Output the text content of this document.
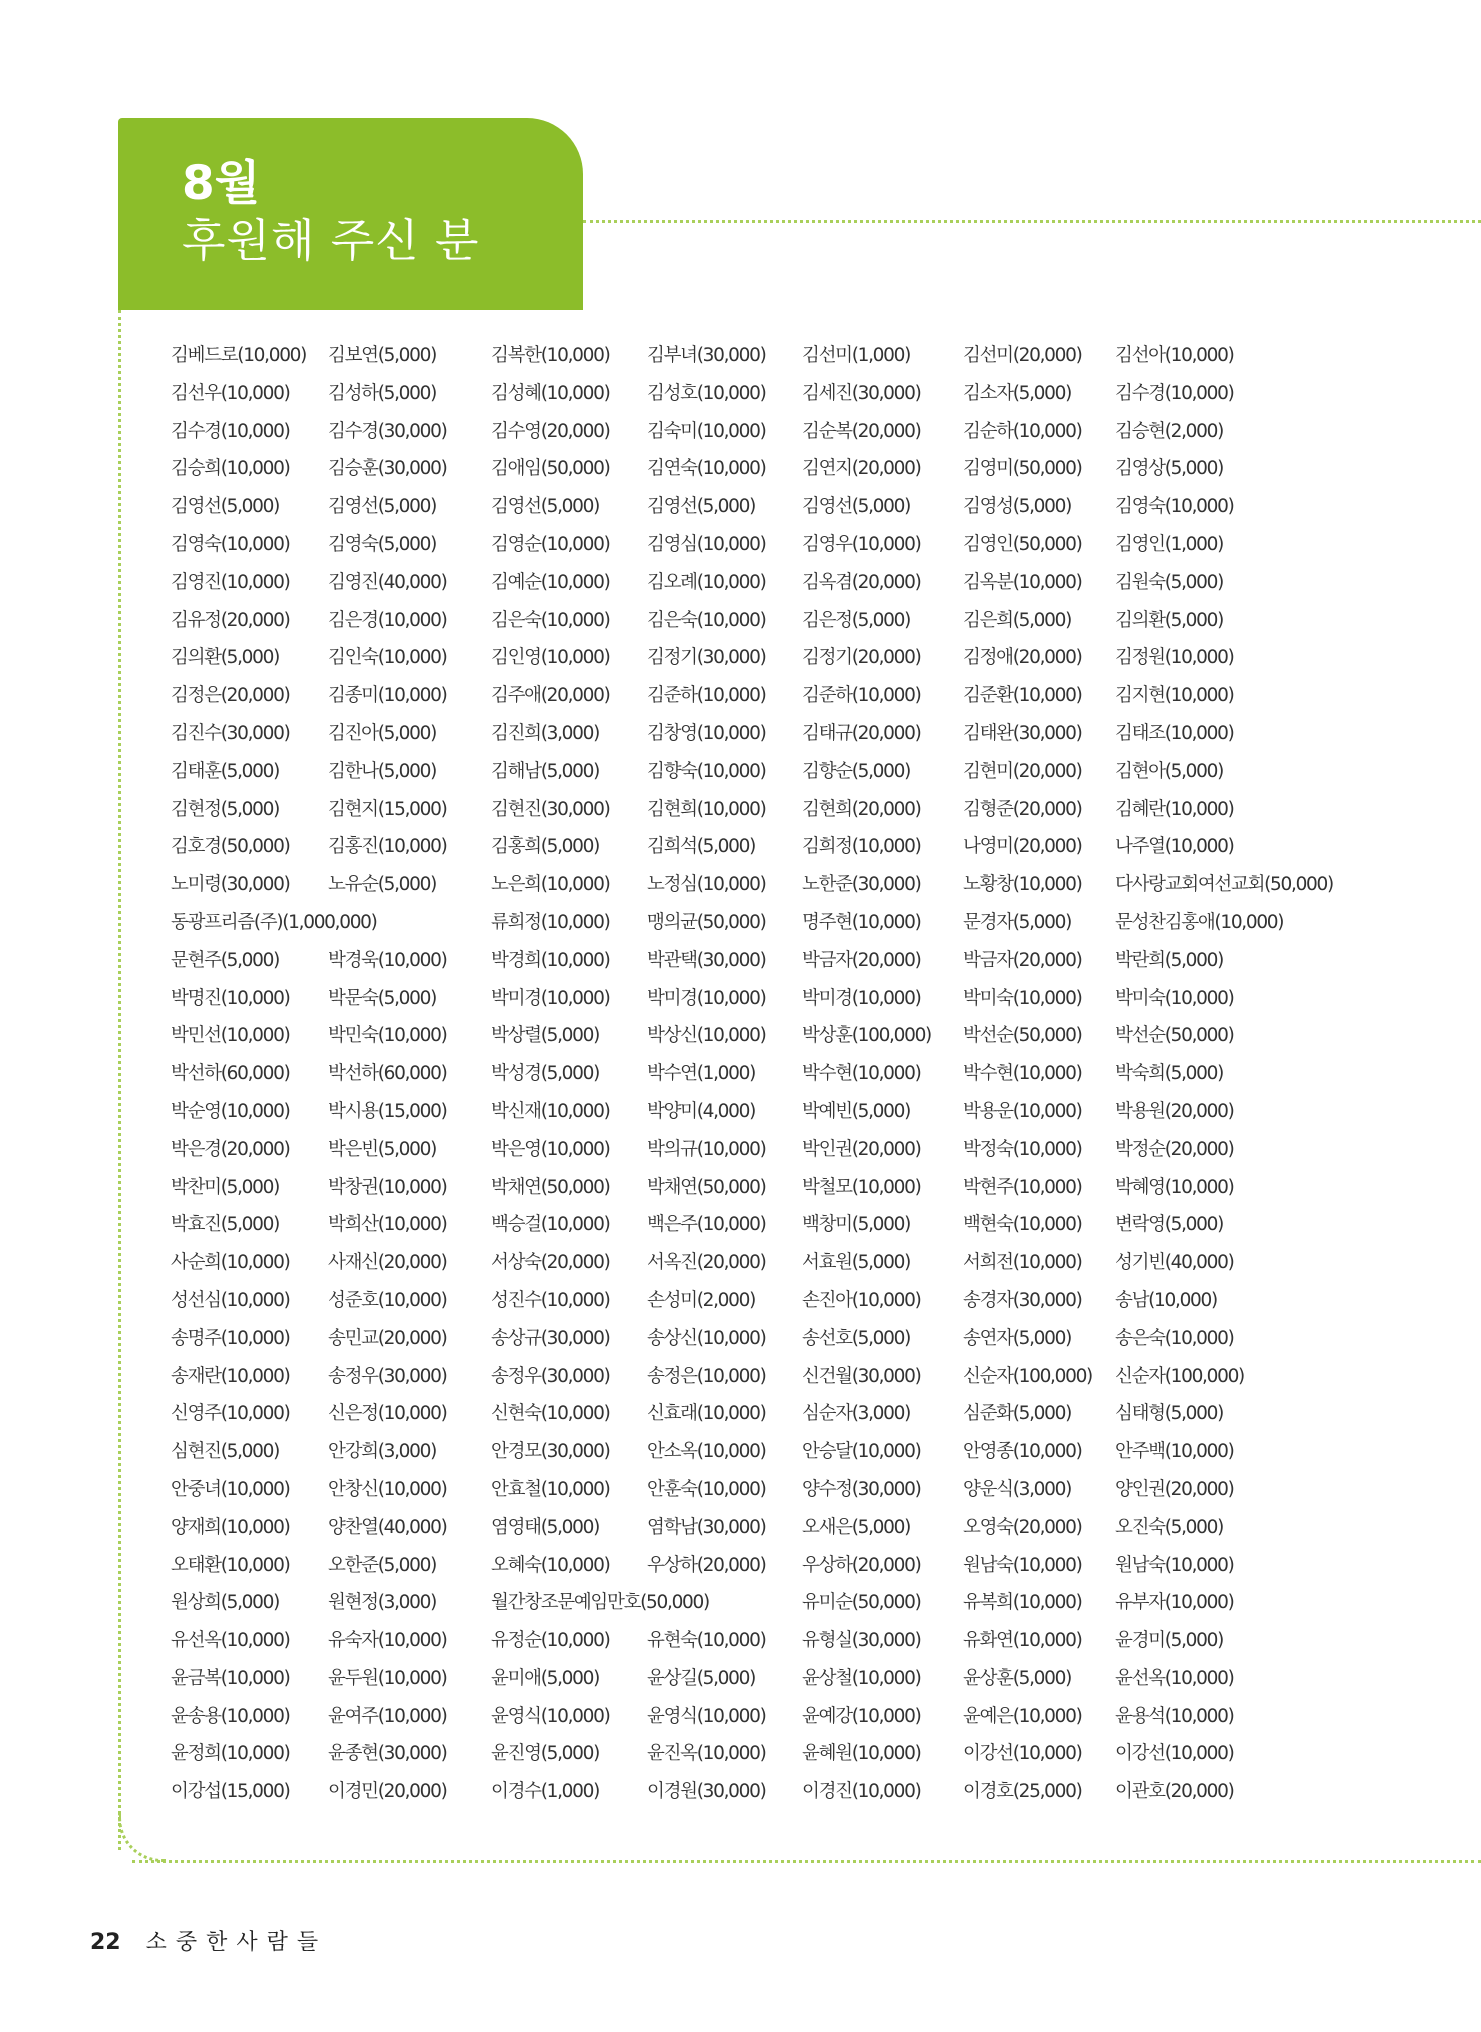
8월
후원해 주신 분
김베드로(10,000) 김보연(5,000)	김복한(10,000) 김부녀(30,000) 김선미(1,000)	김선미(20,000) 김선아(10,000)
김선우(10,000) 김성하(5,000)	김성혜(10,000) 김성호(10,000) 김세진(30,000) 김소자(5,000) 김수경(10,000)
김수경(10,000) 김수경(30,000) 김수영(20,000) 김숙미(10,000) 김순복(20,000) 김순하(10,000) 김승현(2,000)
김승희(10,000) 김승훈(30,000) 김애임(50,000) 김연숙(10,000) 김연지(20,000) 김영미(50,000) 김영상(5,000)
김영선(5,000)	김영선(5,000)	김영선(5,000)	김영선(5,000)	김영선(5,000)	김영성(5,000) 김영숙(10,000)
김영숙(10,000) 김영숙(5,000)	김영순(10,000) 김영심(10,000) 김영우(10,000) 김영인(50,000) 김영인(1,000)
김영진(10,000) 김영진(40,000) 김예순(10,000) 김오례(10,000) 김옥겸(20,000) 김옥분(10,000) 김원숙(5,000)
김유정(20,000) 김은경(10,000) 김은숙(10,000) 김은숙(10,000) 김은정(5,000)	김은희(5,000) 김의환(5,000)
김의환(5,000)	김인숙(10,000) 김인영(10,000) 김정기(30,000) 김정기(20,000) 김정애(20,000) 김정원(10,000)
김정은(20,000) 김종미(10,000) 김주애(20,000) 김준하(10,000) 김준하(10,000) 김준환(10,000) 김지현(10,000)
김진수(30,000) 김진아(5,000)	김진희(3,000)	김창영(10,000) 김태규(20,000) 김태완(30,000) 김태조(10,000)
김태훈(5,000)	김한나(5,000)	김해남(5,000)	김향숙(10,000) 김향순(5,000)	김현미(20,000) 김현아(5,000)
김현정(5,000)	김현지(15,000) 김현진(30,000) 김현희(10,000) 김현희(20,000) 김형준(20,000) 김혜란(10,000)
김호경(50,000) 김홍진(10,000) 김홍희(5,000)	김희석(5,000)	김희정(10,000) 나영미(20,000) 나주열(10,000)
노미령(30,000) 노유순(5,000)	노은희(10,000) 노정심(10,000) 노한준(30,000) 노황창(10,000) 다사랑교회여선교회(50,000)
동광프리즘(주)(1,000,000)	류희정(10,000) 맹의균(50,000) 명주현(10,000) 문경자(5,000) 문성찬김홍애(10,000)
문현주(5,000)	박경욱(10,000) 박경희(10,000) 박관택(30,000) 박금자(20,000) 박금자(20,000) 박란희(5,000)
박명진(10,000) 박문숙(5,000)	박미경(10,000) 박미경(10,000) 박미경(10,000) 박미숙(10,000) 박미숙(10,000)
박민선(10,000) 박민숙(10,000) 박상렬(5,000)	박상신(10,000) 박상훈(100,000) 박선순(50,000) 박선순(50,000)
박선하(60,000) 박선하(60,000) 박성경(5,000)	박수연(1,000)	박수현(10,000) 박수현(10,000) 박숙희(5,000)
박순영(10,000) 박시용(15,000) 박신재(10,000) 박양미(4,000)	박예빈(5,000)	박용운(10,000) 박용원(20,000)
박은경(20,000) 박은빈(5,000)	박은영(10,000) 박의규(10,000) 박인권(20,000) 박정숙(10,000) 박정순(20,000)
박찬미(5,000)	박창권(10,000) 박채연(50,000) 박채연(50,000) 박철모(10,000) 박현주(10,000) 박혜영(10,000)
박효진(5,000)	박희산(10,000) 백승걸(10,000) 백은주(10,000) 백창미(5,000)	백현숙(10,000) 변락영(5,000)
사순희(10,000) 사재신(20,000) 서상숙(20,000) 서옥진(20,000) 서효원(5,000)	서희전(10,000) 성기빈(40,000)
성선심(10,000) 성준호(10,000) 성진수(10,000) 손성미(2,000)	손진아(10,000) 송경자(30,000) 송남(10,000)
송명주(10,000) 송민교(20,000) 송상규(30,000) 송상신(10,000) 송선호(5,000)	송연자(5,000) 송은숙(10,000)
송재란(10,000) 송정우(30,000) 송정우(30,000) 송정은(10,000) 신건월(30,000) 신순자(100,000) 신순자(100,000)
신영주(10,000) 신은정(10,000) 신현숙(10,000) 신효래(10,000) 심순자(3,000)	심준화(5,000) 심태형(5,000)
심현진(5,000)	안강희(3,000)	안경모(30,000) 안소옥(10,000) 안승달(10,000) 안영종(10,000) 안주백(10,000)
안중녀(10,000) 안창신(10,000) 안효철(10,000) 안훈숙(10,000) 양수정(30,000) 양운식(3,000) 양인권(20,000)
양재희(10,000) 양찬열(40,000) 염영태(5,000)	염학남(30,000) 오새은(5,000)	오영숙(20,000) 오진숙(5,000)
오태환(10,000) 오한준(5,000)	오혜숙(10,000) 우상하(20,000) 우상하(20,000) 원남숙(10,000) 원남숙(10,000)
원상희(5,000)	원현정(3,000)	월간창조문예임만호(50,000)	유미순(50,000) 유복희(10,000) 유부자(10,000)
유선옥(10,000) 유숙자(10,000) 유정순(10,000) 유현숙(10,000) 유형실(30,000) 유화연(10,000) 윤경미(5,000)
윤금복(10,000) 윤두원(10,000) 윤미애(5,000)	윤상길(5,000)	윤상철(10,000) 윤상훈(5,000) 윤선옥(10,000)
윤송용(10,000) 윤여주(10,000) 윤영식(10,000) 윤영식(10,000) 윤예강(10,000) 윤예은(10,000) 윤용석(10,000)
윤정희(10,000) 윤종현(30,000) 윤진영(5,000)	윤진옥(10,000) 윤혜원(10,000) 이강선(10,000) 이강선(10,000)
이강섭(15,000) 이경민(20,000) 이경수(1,000)	이경원(30,000) 이경진(10,000) 이경호(25,000) 이관호(20,000)
22 소중한사람들
